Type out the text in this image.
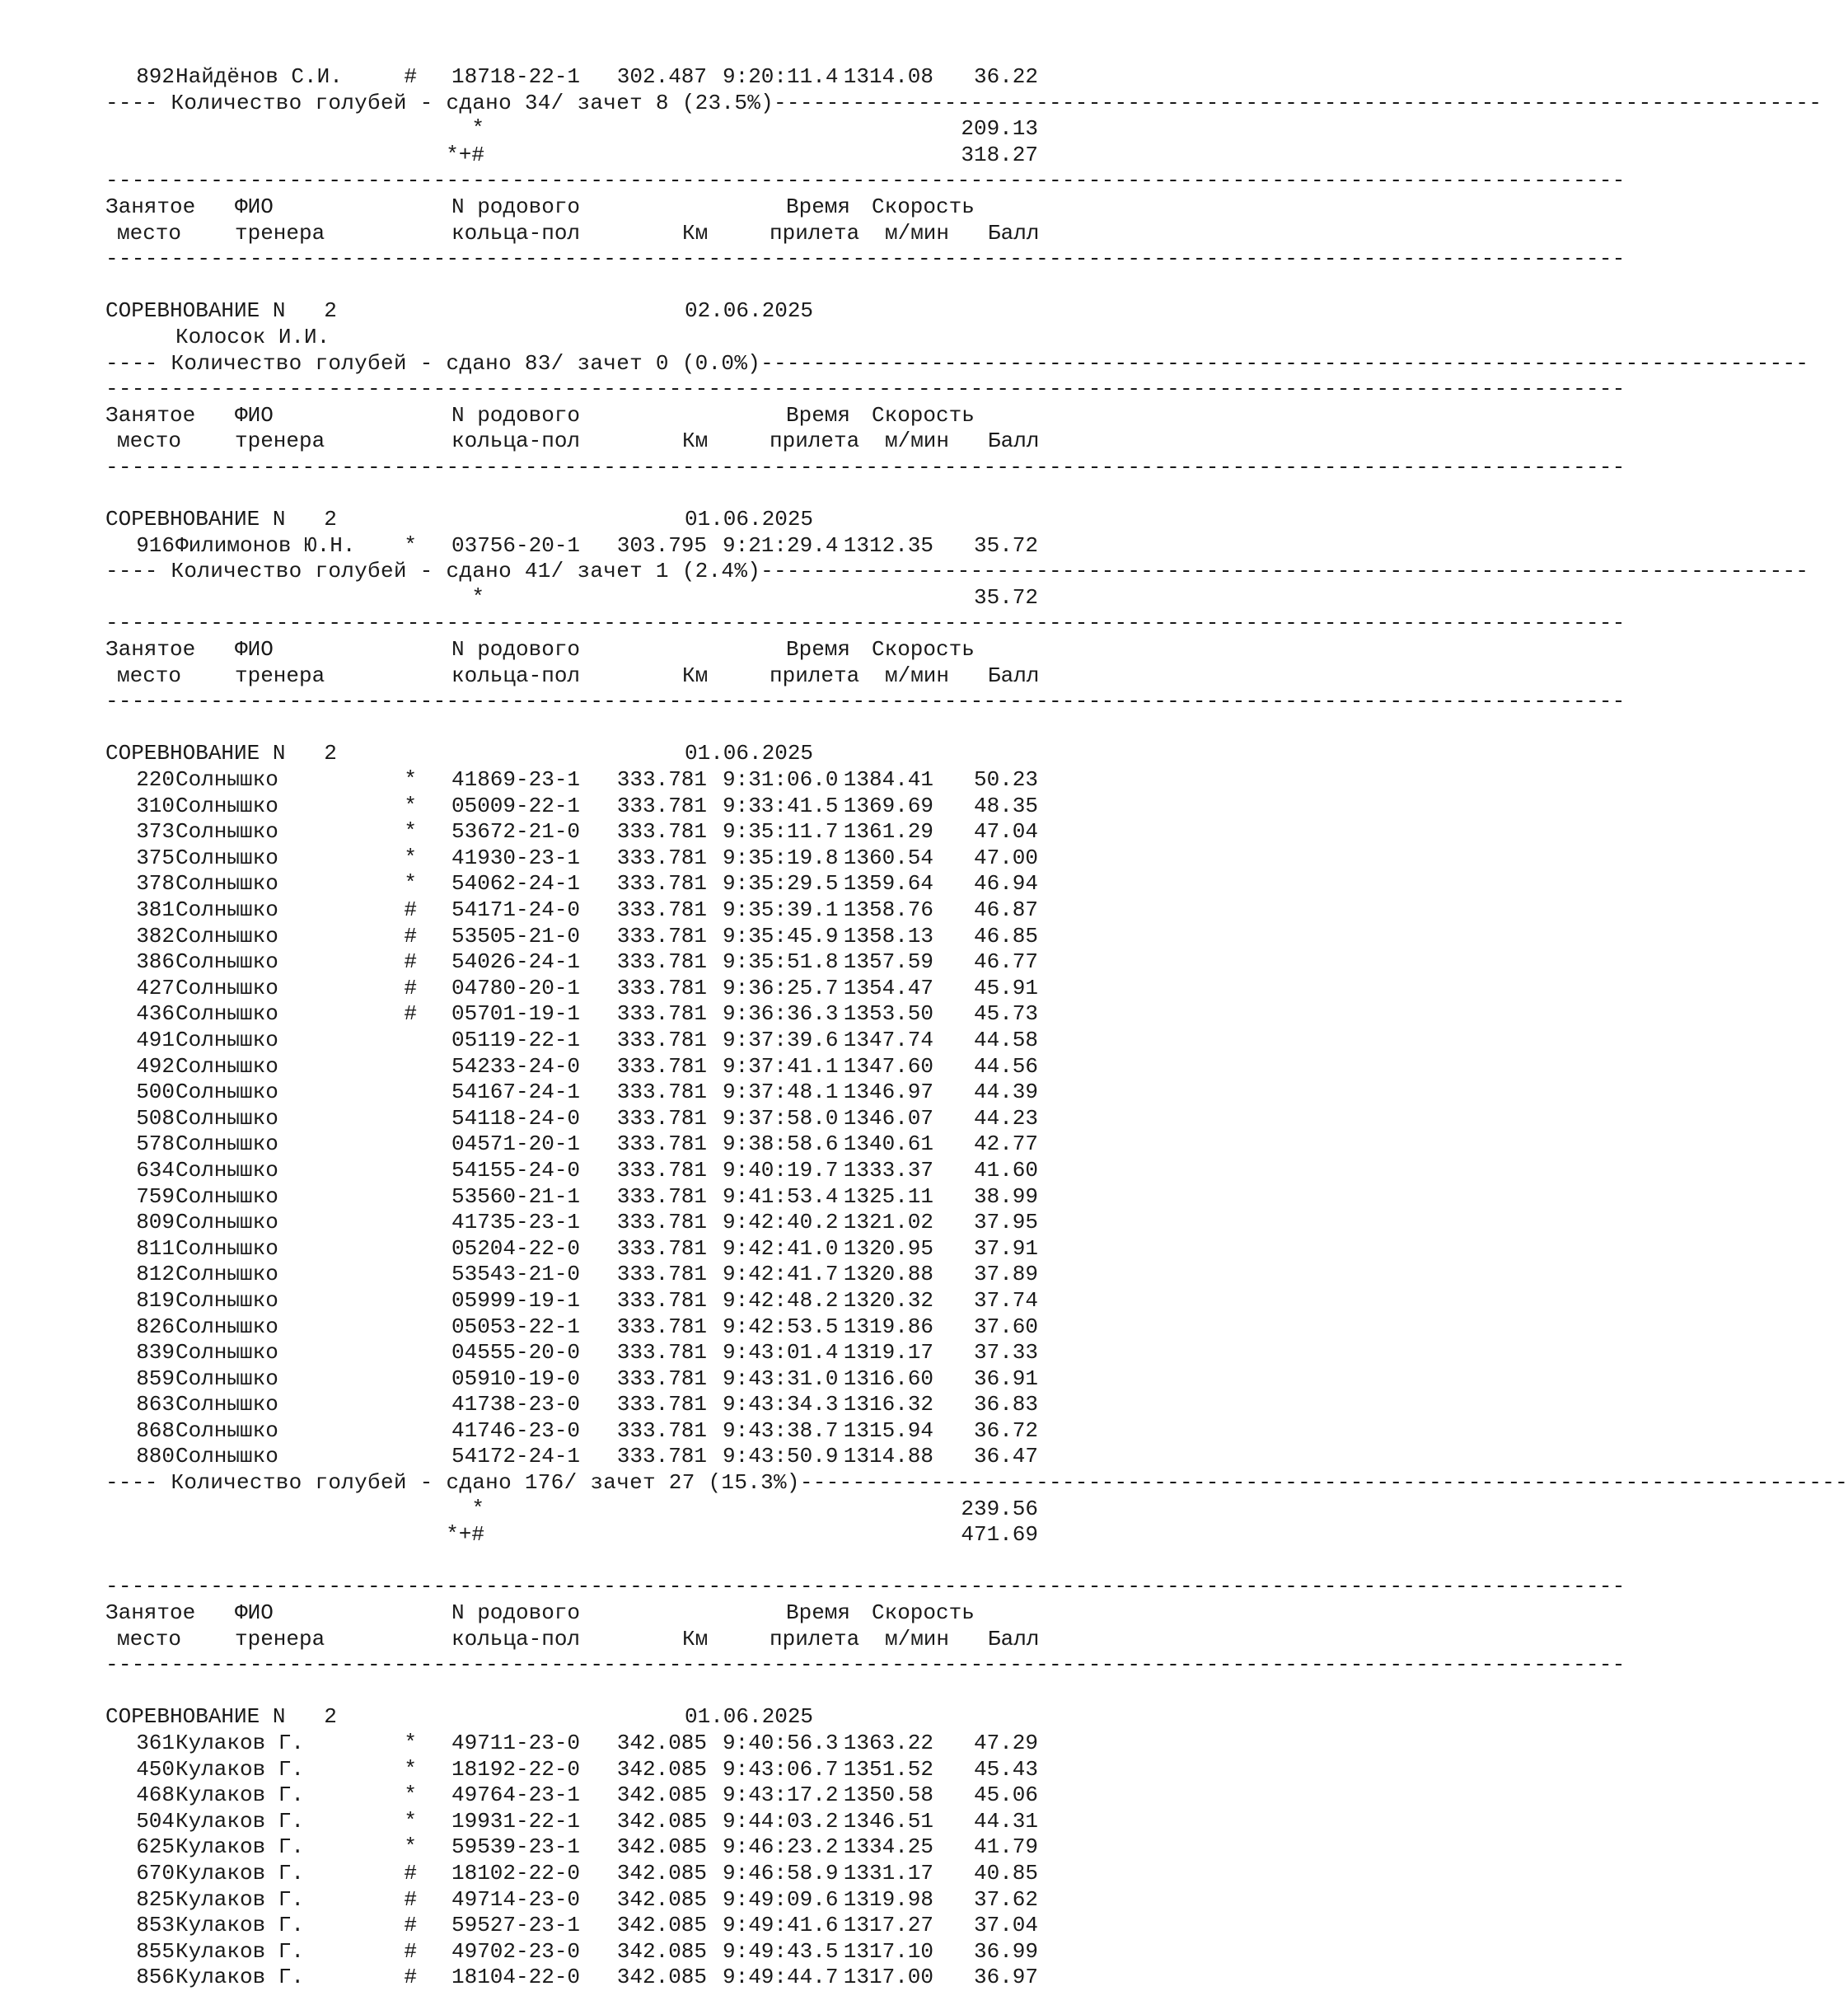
892 Найдёнов С.И.	# 18718-22-1 302.487 9:20:11.4 1314.08	36.22
---- Количество голубей - сдано 34/ зачет 8 (23.5%)--------------------------------------------------------------------------------
*	209.13
*+#	318.27
--------------------------------------------------------------------------------------------------------------------
Занятое ФИО	N родового	Время Скорость
место тренера	кольца-пол	Км	прилета м/мин Балл
--------------------------------------------------------------------------------------------------------------------
СОРЕВНОВАНИЕ N   2	02.06.2025
Колосок И.И.
---- Количество голубей - сдано 83/ зачет 0 (0.0%)--------------------------------------------------------------------------------
--------------------------------------------------------------------------------------------------------------------
Занятое ФИО	N родового	Время Скорость
место тренера	кольца-пол	Км	прилета м/мин Балл
--------------------------------------------------------------------------------------------------------------------
СОРЕВНОВАНИЕ N   2	01.06.2025
916 Филимонов Ю.Н.	* 03756-20-1 303.795 9:21:29.4 1312.35	35.72
---- Количество голубей - сдано 41/ зачет 1 (2.4%)--------------------------------------------------------------------------------
*	35.72
--------------------------------------------------------------------------------------------------------------------
Занятое ФИО	N родового	Время Скорость
место тренера	кольца-пол	Км	прилета м/мин Балл
--------------------------------------------------------------------------------------------------------------------
СОРЕВНОВАНИЕ N   2	01.06.2025
220 Солнышко	* 41869-23-1 333.781 9:31:06.0 1384.41	50.23
310 Солнышко	* 05009-22-1 333.781 9:33:41.5 1369.69	48.35
373 Солнышко	* 53672-21-0 333.781 9:35:11.7 1361.29	47.04
375 Солнышко	* 41930-23-1 333.781 9:35:19.8 1360.54	47.00
378 Солнышко	* 54062-24-1 333.781 9:35:29.5 1359.64	46.94
381 Солнышко	# 54171-24-0 333.781 9:35:39.1 1358.76	46.87
382 Солнышко	# 53505-21-0 333.781 9:35:45.9 1358.13	46.85
386 Солнышко	# 54026-24-1 333.781 9:35:51.8 1357.59	46.77
427 Солнышко	# 04780-20-1 333.781 9:36:25.7 1354.47	45.91
436 Солнышко	# 05701-19-1 333.781 9:36:36.3 1353.50	45.73
491 Солнышко	05119-22-1 333.781 9:37:39.6 1347.74	44.58
492 Солнышко	54233-24-0 333.781 9:37:41.1 1347.60	44.56
500 Солнышко	54167-24-1 333.781 9:37:48.1 1346.97	44.39
508 Солнышко	54118-24-0 333.781 9:37:58.0 1346.07	44.23
578 Солнышко	04571-20-1 333.781 9:38:58.6 1340.61	42.77
634 Солнышко	54155-24-0 333.781 9:40:19.7 1333.37	41.60
759 Солнышко	53560-21-1 333.781 9:41:53.4 1325.11	38.99
809 Солнышко	41735-23-1 333.781 9:42:40.2 1321.02	37.95
811 Солнышко	05204-22-0 333.781 9:42:41.0 1320.95	37.91
812 Солнышко	53543-21-0 333.781 9:42:41.7 1320.88	37.89
819 Солнышко	05999-19-1 333.781 9:42:48.2 1320.32	37.74
826 Солнышко	05053-22-1 333.781 9:42:53.5 1319.86	37.60
839 Солнышко	04555-20-0 333.781 9:43:01.4 1319.17	37.33
859 Солнышко	05910-19-0 333.781 9:43:31.0 1316.60	36.91
863 Солнышко	41738-23-0 333.781 9:43:34.3 1316.32	36.83
868 Солнышко	41746-23-0 333.781 9:43:38.7 1315.94	36.72
880 Солнышко	54172-24-1 333.781 9:43:50.9 1314.88	36.47
---- Количество голубей - сдано 176/ зачет 27 (15.3%)--------------------------------------------------------------------------------
*	239.56
*+#	471.69
--------------------------------------------------------------------------------------------------------------------
Занятое ФИО	N родового	Время Скорость
место тренера	кольца-пол	Км	прилета м/мин Балл
--------------------------------------------------------------------------------------------------------------------
СОРЕВНОВАНИЕ N   2	01.06.2025
361 Кулаков Г.	* 49711-23-0 342.085 9:40:56.3 1363.22	47.29
450 Кулаков Г.	* 18192-22-0 342.085 9:43:06.7 1351.52	45.43
468 Кулаков Г.	* 49764-23-1 342.085 9:43:17.2 1350.58	45.06
504 Кулаков Г.	* 19931-22-1 342.085 9:44:03.2 1346.51	44.31
625 Кулаков Г.	* 59539-23-1 342.085 9:46:23.2 1334.25	41.79
670 Кулаков Г.	# 18102-22-0 342.085 9:46:58.9 1331.17	40.85
825 Кулаков Г.	# 49714-23-0 342.085 9:49:09.6 1319.98	37.62
853 Кулаков Г.	# 59527-23-1 342.085 9:49:41.6 1317.27	37.04
855 Кулаков Г.	# 49702-23-0 342.085 9:49:43.5 1317.10	36.99
856 Кулаков Г.	# 18104-22-0 342.085 9:49:44.7 1317.00	36.97
